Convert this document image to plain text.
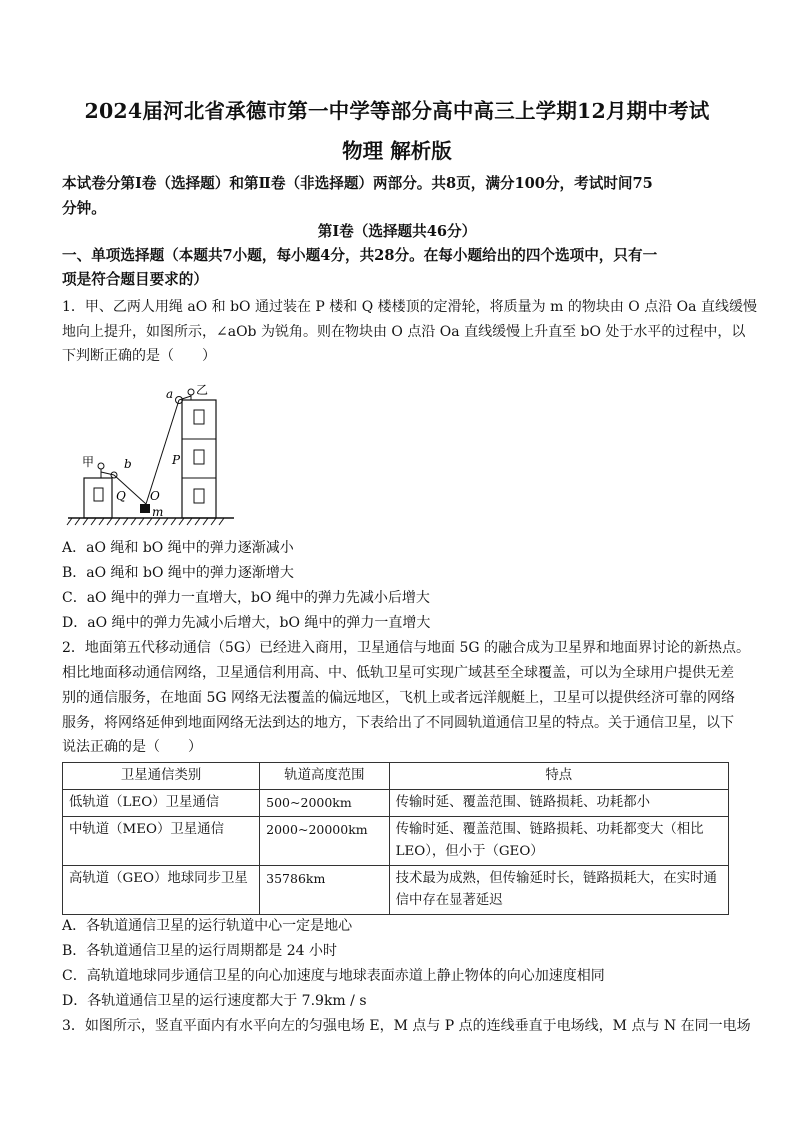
2024届河北省承德市第一中学等部分高中高三上学期12月期中考试
物理 解析版
本试卷分第Ⅰ卷（选择题）和第Ⅱ卷（非选择题）两部分。共8页，满分100分，考试时间75
分钟。
第Ⅰ卷（选择题共46分）
一、单项选择题（本题共7小题，每小题4分，共28分。在每小题给出的四个选项中，只有一
项是符合题目要求的）
1．甲、乙两人用绳 aO 和 bO 通过装在 P 楼和 Q 楼楼顶的定滑轮，将质量为 m 的物块由 O 点沿 Oa 直线缓慢
地向上提升，如图所示，∠aOb 为锐角。则在物块由 O 点沿 Oa 直线缓慢上升直至 bO 处于水平的过程中，以
下判断正确的是（　　）
a 乙
甲 b	P
Q O
m
A．aO 绳和 bO 绳中的弹力逐渐减小
B．aO 绳和 bO 绳中的弹力逐渐增大
C．aO 绳中的弹力一直增大，bO 绳中的弹力先减小后增大
D．aO 绳中的弹力先减小后增大，bO 绳中的弹力一直增大
2．地面第五代移动通信（5G）已经进入商用，卫星通信与地面 5G 的融合成为卫星界和地面界讨论的新热点。
相比地面移动通信网络，卫星通信利用高、中、低轨卫星可实现广域甚至全球覆盖，可以为全球用户提供无差
别的通信服务，在地面 5G 网络无法覆盖的偏远地区，飞机上或者远洋舰艇上，卫星可以提供经济可靠的网络
服务，将网络延伸到地面网络无法到达的地方，下表给出了不同圆轨道通信卫星的特点。关于通信卫星，以下
说法正确的是（　　）
卫星通信类别	轨道高度范围	特点
低轨道（LEO）卫星通信	500~2000km	传输时延、覆盖范围、链路损耗、功耗都小
中轨道（MEO）卫星通信	2000~20000km	传输时延、覆盖范围、链路损耗、功耗都变大（相比 LEO），但小于（GEO）
高轨道（GEO）地球同步卫星	35786km	技术最为成熟，但传输延时长，链路损耗大，在实时通信中存在显著延迟
A．各轨道通信卫星的运行轨道中心一定是地心
B．各轨道通信卫星的运行周期都是 24 小时
C．高轨道地球同步通信卫星的向心加速度与地球表面赤道上静止物体的向心加速度相同
D．各轨道通信卫星的运行速度都大于 7.9km / s
3．如图所示，竖直平面内有水平向左的匀强电场 E，M 点与 P 点的连线垂直于电场线，M 点与 N 在同一电场
